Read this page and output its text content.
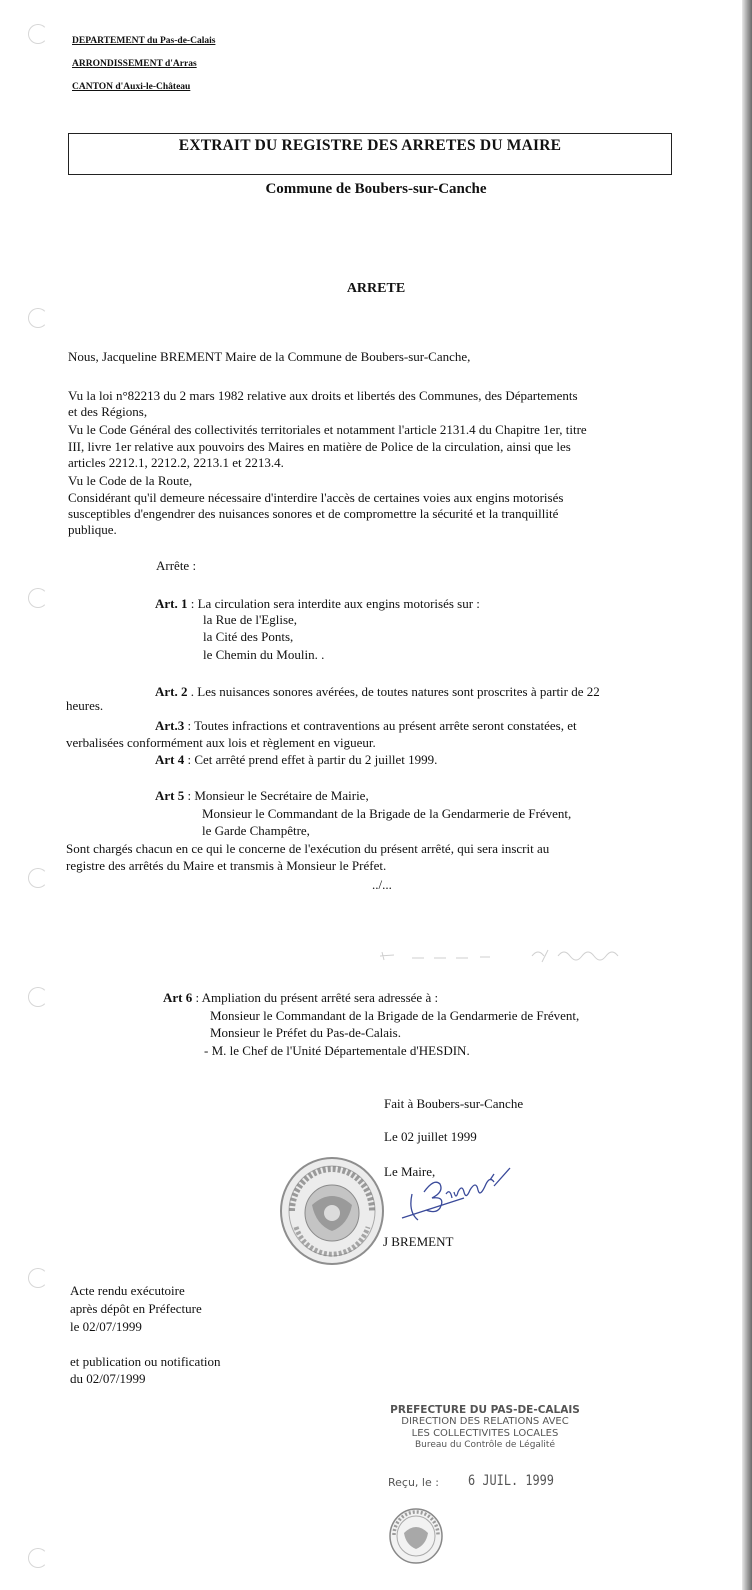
DEPARTEMENT du Pas-de-Calais
ARRONDISSEMENT d'Arras
CANTON d'Auxi-le-Château
EXTRAIT DU REGISTRE DES ARRETES DU MAIRE
Commune de Boubers-sur-Canche
ARRETE
Nous, Jacqueline BREMENT Maire de la Commune de Boubers-sur-Canche,
Vu la loi n°82213 du 2 mars 1982 relative aux droits et libertés des Communes, des Départements
et des Régions,
Vu le Code Général des collectivités territoriales et notamment l'article 2131.4 du Chapitre 1er, titre
III, livre 1er relative aux pouvoirs des Maires en matière de Police de la circulation, ainsi que les
articles 2212.1, 2212.2, 2213.1 et 2213.4.
Vu le Code de la Route,
Considérant qu'il demeure nécessaire d'interdire l'accès de certaines voies aux engins motorisés
susceptibles d'engendrer des nuisances sonores et de compromettre la sécurité et la tranquillité
publique.
Arrête :
Art. 1 : La circulation sera interdite aux engins motorisés sur :
la Rue de l'Eglise,
la Cité des Ponts,
le Chemin du Moulin. .
Art. 2 . Les nuisances sonores avérées, de toutes natures sont proscrites à partir de 22
heures.
Art.3 : Toutes infractions et contraventions au présent arrête seront constatées, et
verbalisées conformément aux lois et règlement en vigueur.
Art 4 : Cet arrêté prend effet à partir du 2 juillet 1999.
Art 5 : Monsieur le Secrétaire de Mairie,
Monsieur le Commandant de la Brigade de la Gendarmerie de Frévent,
le Garde Champêtre,
Sont chargés chacun en ce qui le concerne de l'exécution du présent arrêté, qui sera inscrit au
registre des arrêtés du Maire et transmis à Monsieur le Préfet.
../...
Art 6 : Ampliation du présent arrêté sera adressée à :
Monsieur le Commandant de la Brigade de la Gendarmerie de Frévent,
Monsieur le Préfet du Pas-de-Calais.
- M. le Chef de l'Unité Départementale d'HESDIN.
Fait à Boubers-sur-Canche
Le 02 juillet 1999
Le Maire,
J BREMENT
Acte rendu exécutoire
après dépôt en Préfecture
le 02/07/1999
et publication ou notification
du 02/07/1999
PREFECTURE DU PAS-DE-CALAIS
DIRECTION DES RELATIONS AVEC
LES COLLECTIVITES LOCALES
Bureau du Contrôle de Légalité
Reçu, le : 6 JUIL. 1999
